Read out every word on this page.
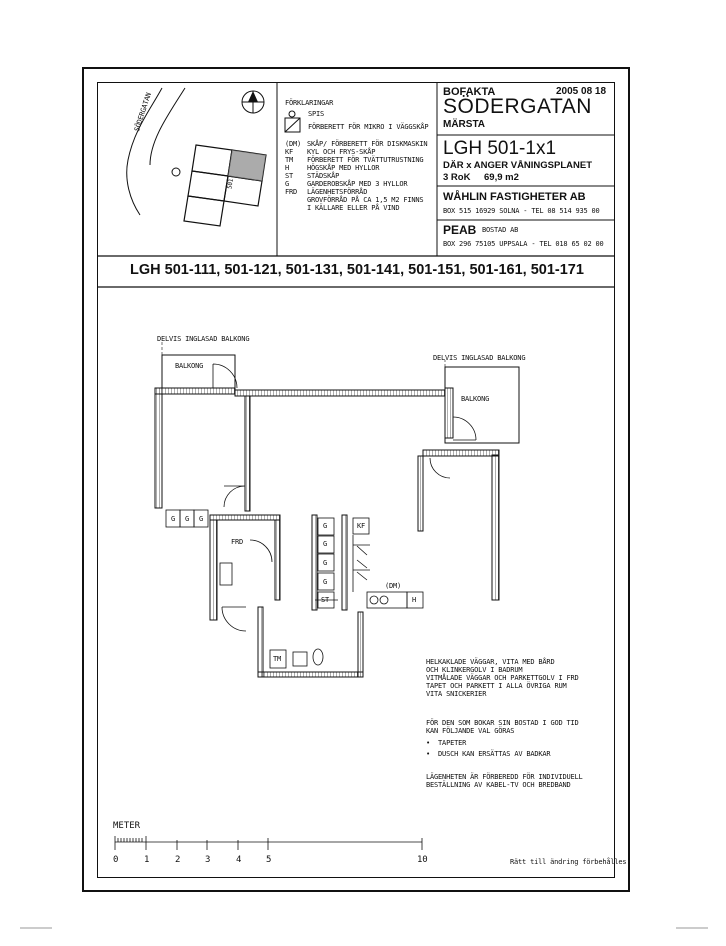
SÖDERGATAN
501
FÖRKLARINGAR
SPIS
FÖRBERETT FÖR MIKRO I VÄGGSKÅP
(DM) SKÅP/ FÖRBERETT FÖR DISKMASKIN
KF	KYL OCH FRYS-SKÅP
TM	FÖRBERETT FÖR TVÄTTUTRUSTNING
H	HÖGSKÅP MED HYLLOR
ST	STÄDSKÅP
G	GARDEROBSKÅP MED 3 HYLLOR
FRD	LÄGENHETSFÖRRÅD
GROVFÖRRÅD PÅ CA 1,5 M2 FINNS
I KÄLLARE ELLER PÅ VIND
BOFAKTA	2005 08 18
SÖDERGATAN
MÄRSTA
LGH 501-1x1
DÄR x ANGER VÅNINGSPLANET
3 RoK 69,9 m2
WÅHLIN FASTIGHETER AB
BOX 515 16929 SOLNA - TEL 08 514 935 00
PEAB BOSTAD AB
BOX 296 75105 UPPSALA - TEL 018 65 02 00
LGH 501-111, 501-121, 501-131, 501-141, 501-151, 501-161, 501-171
DELVIS INGLASAD BALKONG
DELVIS INGLASAD BALKONG
BALKONG
BALKONG
G G G
FRD
G
G
G
G
ST
KF
(DM)
H
TM	HELKAKLADE VÄGGAR, VITA MED BÅRD
OCH KLINKERGOLV I BADRUM
VITMÅLADE VÄGGAR OCH PARKETTGOLV I FRD
TAPET OCH PARKETT I ALLA ÖVRIGA RUM
VITA SNICKERIER
FÖR DEN SOM BOKAR SIN BOSTAD I GOD TID
KAN FÖLJANDE VAL GÖRAS
•  TAPETER
•  DUSCH KAN ERSÄTTAS AV BADKAR
LÄGENHETEN ÄR FÖRBEREDD FÖR INDIVIDUELL
BESTÄLLNING AV KABEL-TV OCH BREDBAND
METER
0	1	2	3	4	5	10	Rätt till ändring förbehålles
